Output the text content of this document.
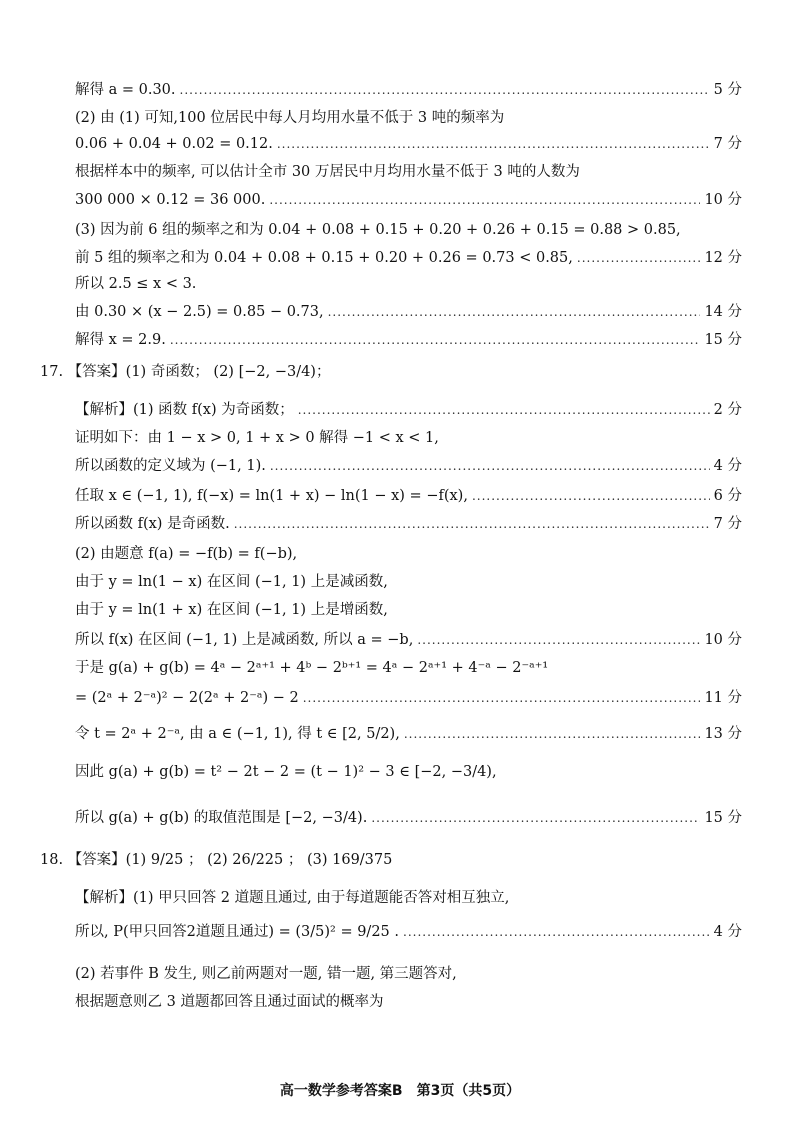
解得 a = 0.30. .....	5 分
(2) 由 (1) 可知,100 位居民中每人月均用水量不低于 3 吨的频率为
0.06 + 0.04 + 0.02 = 0.12. .....	7 分
根据样本中的频率, 可以估计全市 30 万居民中月均用水量不低于 3 吨的人数为
300 000 × 0.12 = 36 000. .....	10 分
(3) 因为前 6 组的频率之和为 0.04 + 0.08 + 0.15 + 0.20 + 0.26 + 0.15 = 0.88 > 0.85,
前 5 组的频率之和为 0.04 + 0.08 + 0.15 + 0.20 + 0.26 = 0.73 < 0.85, .....	12 分
所以 2.5 ≤ x < 3.
由 0.30 × (x − 2.5) = 0.85 − 0.73, .....	14 分
解得 x = 2.9. .....	15 分
17. 【答案】(1) 奇函数； (2) [−2, −3/4)；
【解析】(1) 函数 f(x) 为奇函数； .....	2 分
证明如下：由 1 − x > 0, 1 + x > 0 解得 −1 < x < 1,
所以函数的定义域为 (−1, 1). .....	4 分
任取 x ∈ (−1, 1), f(−x) = ln(1 + x) − ln(1 − x) = −f(x), .....	6 分
所以函数 f(x) 是奇函数. .....	7 分
(2) 由题意 f(a) = −f(b) = f(−b),
由于 y = ln(1 − x) 在区间 (−1, 1) 上是减函数,
由于 y = ln(1 + x) 在区间 (−1, 1) 上是增函数,
所以 f(x) 在区间 (−1, 1) 上是减函数, 所以 a = −b, .....	10 分
于是 g(a) + g(b) = 4ᵃ − 2ᵃ⁺¹ + 4ᵇ − 2ᵇ⁺¹ = 4ᵃ − 2ᵃ⁺¹ + 4⁻ᵃ − 2⁻ᵃ⁺¹
= (2ᵃ + 2⁻ᵃ)² − 2(2ᵃ + 2⁻ᵃ) − 2 .....	11 分
令 t = 2ᵃ + 2⁻ᵃ, 由 a ∈ (−1, 1), 得 t ∈ [2, 5/2), .....	13 分
因此 g(a) + g(b) = t² − 2t − 2 = (t − 1)² − 3 ∈ [−2, −3/4),
所以 g(a) + g(b) 的取值范围是 [−2, −3/4). .....	15 分
18. 【答案】(1) 9/25 ； (2) 26/225 ； (3) 169/375
【解析】(1) 甲只回答 2 道题且通过, 由于每道题能否答对相互独立,
所以, P(甲只回答2道题且通过) = (3/5)² = 9/25 . .....	4 分
(2) 若事件 B 发生, 则乙前两题对一题, 错一题, 第三题答对,
根据题意则乙 3 道题都回答且通过面试的概率为
高一数学参考答案B　第3页（共5页）
